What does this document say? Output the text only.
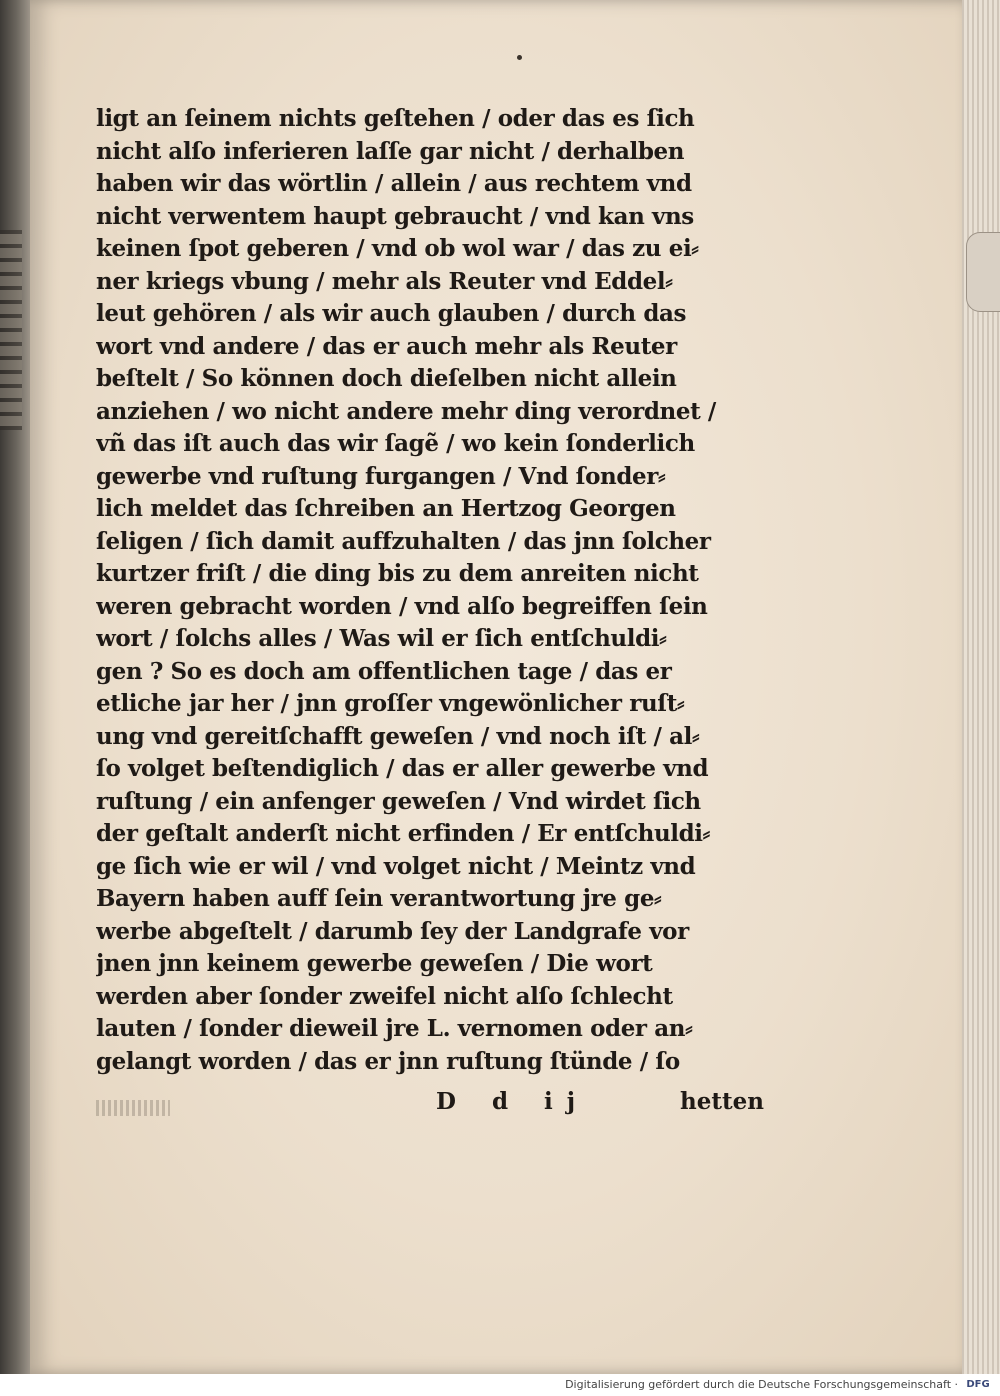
ligt an ſeinem nichts geſtehen / oder das es ſich
nicht alſo inferieren laſſe gar nicht / derhalben
haben wir das wörtlin / allein / aus rechtem vnd
nicht verwentem haupt gebraucht / vnd kan vns
keinen ſpot geberen / vnd ob wol war / das zu ei⸗
ner kriegs vbung / mehr als Reuter vnd Eddel⸗
leut gehören / als wir auch glauben / durch das
wort vnd andere / das er auch mehr als Reuter
beſtelt / So können doch dieſelben nicht allein
anziehen / wo nicht andere mehr ding verordnet /
vñ das iſt auch das wir ſagẽ / wo kein ſonderlich
gewerbe vnd ruſtung furgangen / Vnd ſonder⸗
lich meldet das ſchreiben an Hertzog Georgen
ſeligen / ſich damit auffzuhalten / das jnn ſolcher
kurtzer friſt / die ding bis zu dem anreiten nicht
weren gebracht worden / vnd alſo begreiffen ſein
wort / ſolchs alles / Was wil er ſich entſchuldi⸗
gen ? So es doch am offentlichen tage / das er
etliche jar her / jnn groſſer vngewönlicher ruſt⸗
ung vnd gereitſchafft geweſen / vnd noch iſt / al⸗
ſo volget beſtendiglich / das er aller gewerbe vnd
ruſtung / ein anfenger geweſen / Vnd wirdet ſich
der geſtalt anderſt nicht erfinden / Er entſchuldi⸗
ge ſich wie er wil / vnd volget nicht / Meintz vnd
Bayern haben auff ſein verantwortung jre ge⸗
werbe abgeſtelt / darumb ſey der Landgrafe vor
jnen jnn keinem gewerbe geweſen / Die wort
werden aber ſonder zweifel nicht alſo ſchlecht
lauten / ſonder dieweil jre L. vernomen oder an⸗
gelangt worden / das er jnn ruſtung ſtünde / ſo
D d ij	hetten
Digitalisierung gefördert durch die Deutsche Forschungsgemeinschaft · DFG
